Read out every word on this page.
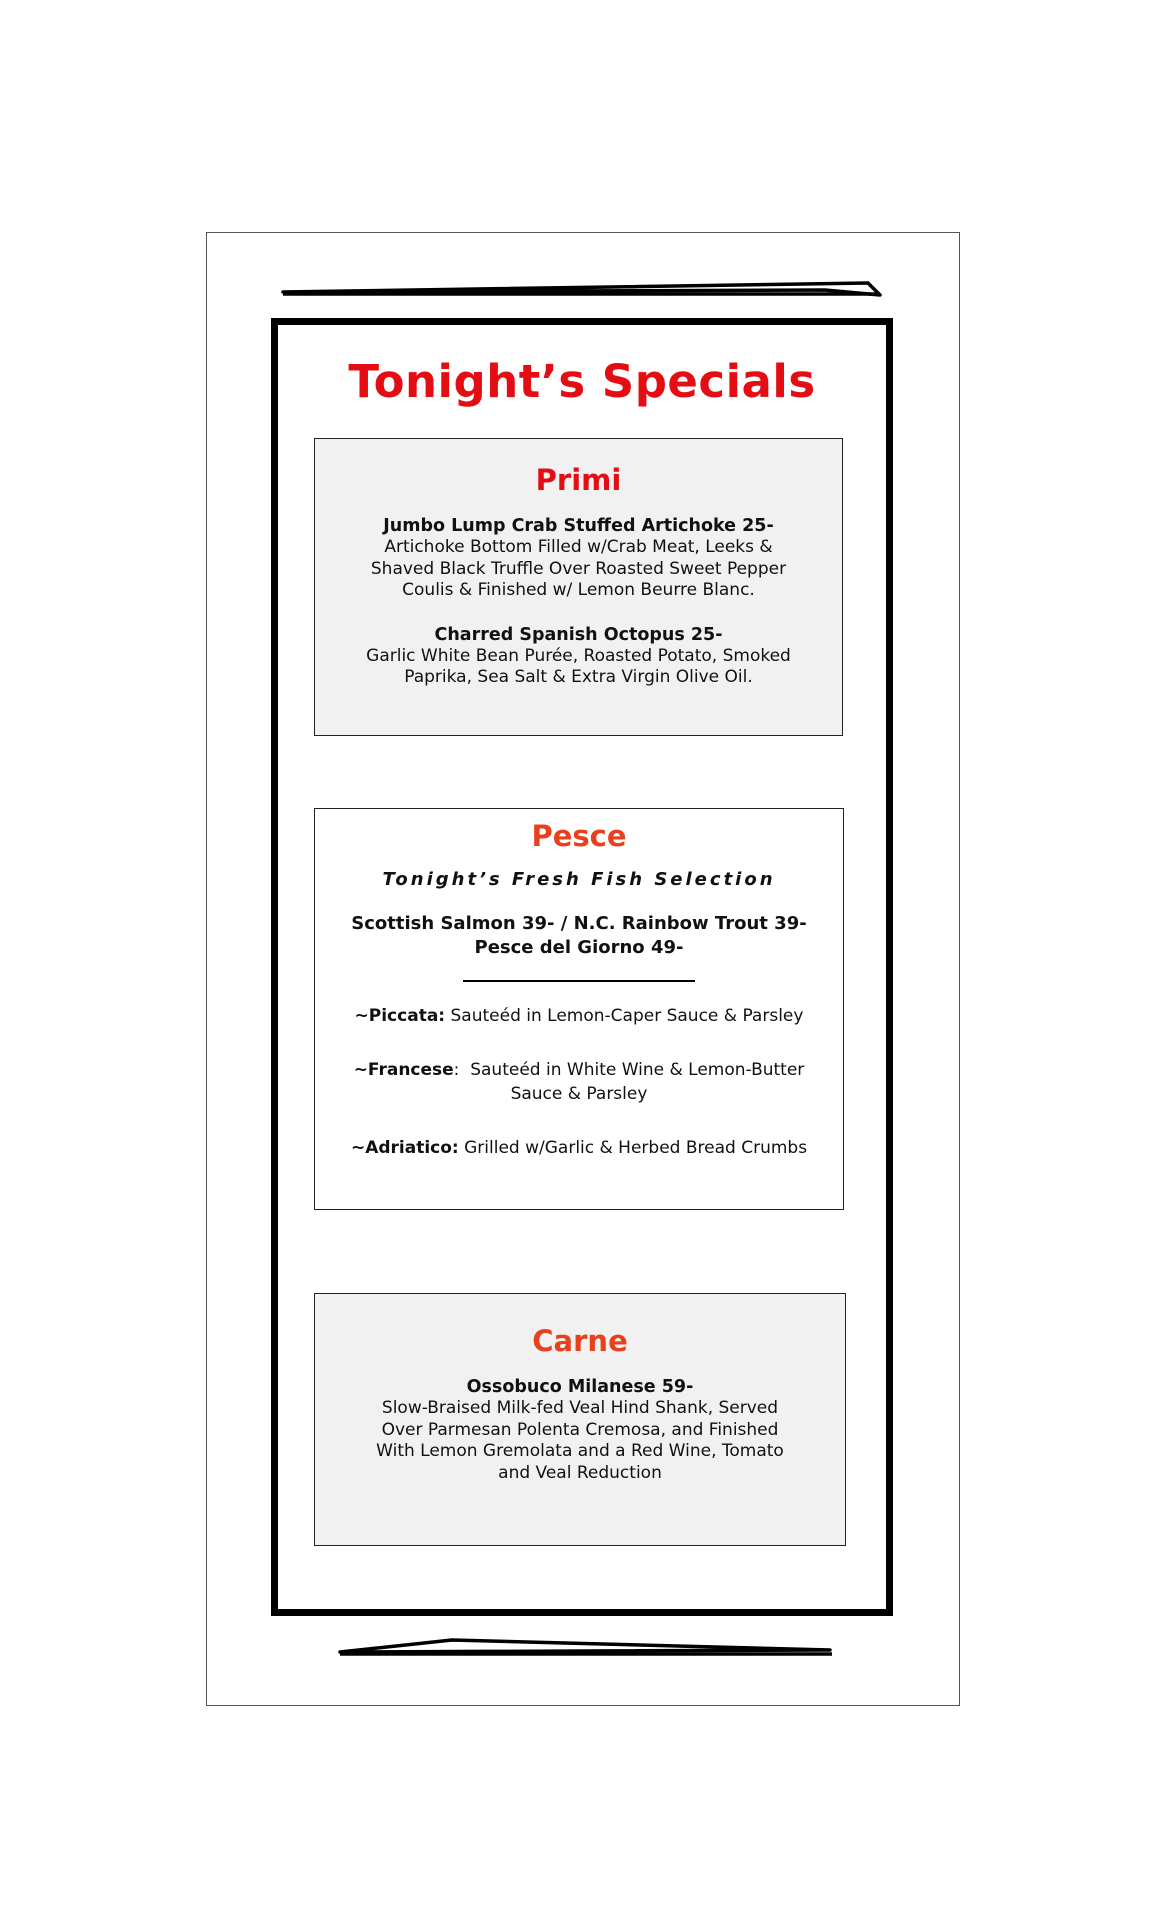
Tonight’s Specials
Primi
Jumbo Lump Crab Stuffed Artichoke 25-
Artichoke Bottom Filled w/Crab Meat, Leeks &
Shaved Black Truffle Over Roasted Sweet Pepper
Coulis & Finished w/ Lemon Beurre Blanc.
Charred Spanish Octopus 25-
Garlic White Bean Purée, Roasted Potato, Smoked
Paprika, Sea Salt & Extra Virgin Olive Oil.
Pesce
Tonight’s Fresh Fish Selection
Scottish Salmon 39- / N.C. Rainbow Trout 39-
Pesce del Giorno 49-
~Piccata: Sauteéd in Lemon-Caper Sauce & Parsley
~Francese: Sauteéd in White Wine & Lemon-Butter
Sauce & Parsley
~Adriatico: Grilled w/Garlic & Herbed Bread Crumbs
Carne
Ossobuco Milanese 59-
Slow-Braised Milk-fed Veal Hind Shank, Served
Over Parmesan Polenta Cremosa, and Finished
With Lemon Gremolata and a Red Wine, Tomato
and Veal Reduction
